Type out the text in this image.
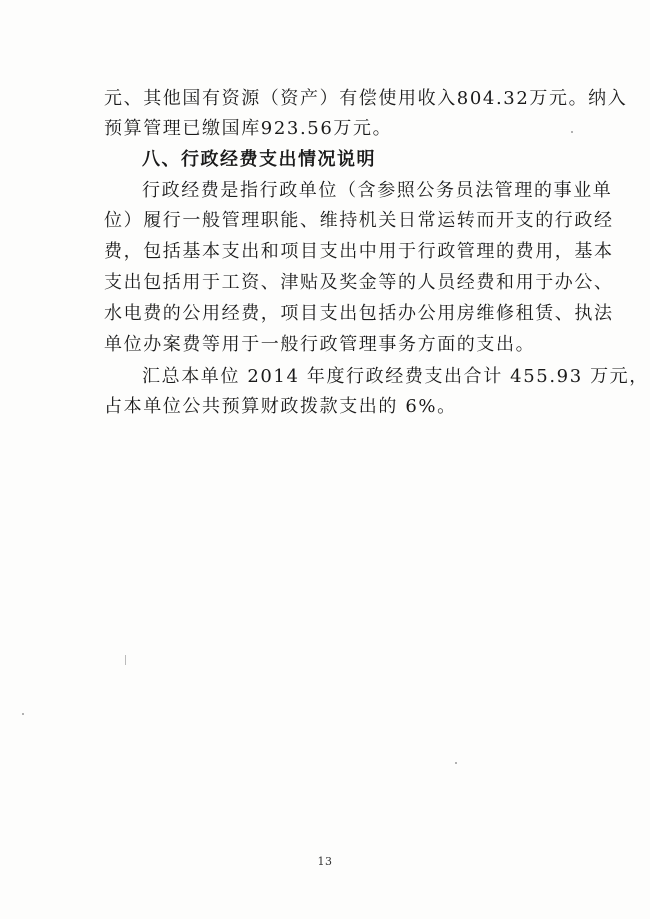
元、其他国有资源（资产）有偿使用收入804.32万元。纳入
预算管理已缴国库923.56万元。
八、行政经费支出情况说明
行政经费是指行政单位（含参照公务员法管理的事业单
位）履行一般管理职能、维持机关日常运转而开支的行政经
费，包括基本支出和项目支出中用于行政管理的费用，基本
支出包括用于工资、津贴及奖金等的人员经费和用于办公、
水电费的公用经费，项目支出包括办公用房维修租赁、执法
单位办案费等用于一般行政管理事务方面的支出。
汇总本单位 2014 年度行政经费支出合计 455.93 万元，
占本单位公共预算财政拨款支出的 6%。
13
